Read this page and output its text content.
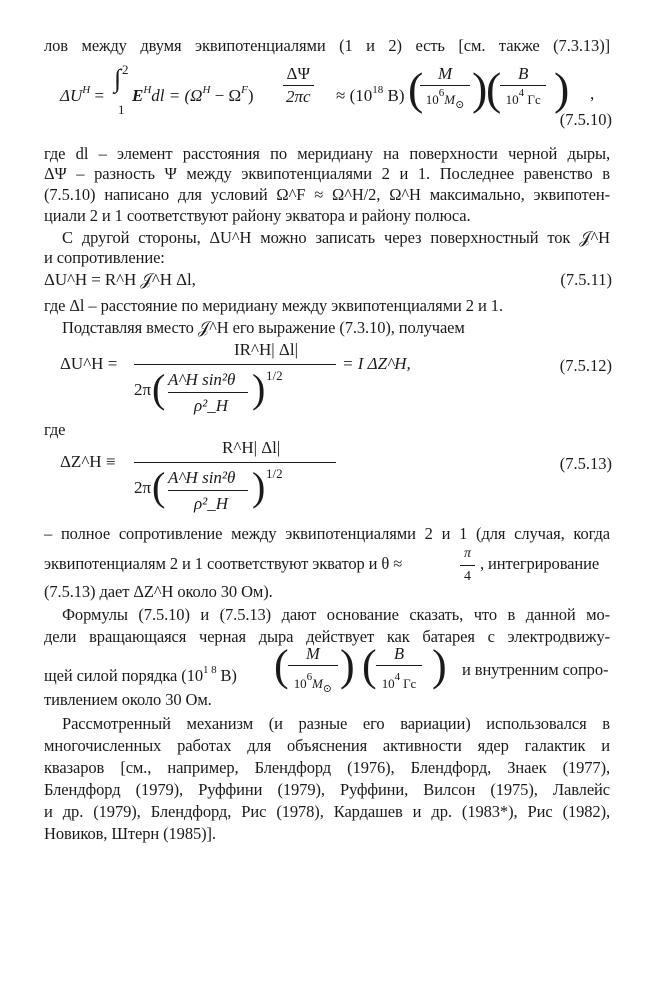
лов между двумя эквипотенциалями (1 и 2) есть [см. также (7.3.13)]
$\Delta U^H$ =
∫ 2
1
$E^Hdl = (\Omega^H - \Omega^F) \frac{\Delta\Psi}{2\pi c} \approx (10^{18}$ В) ( M
$10^6M_⊙$ )
( B
$10^4$ Гс ) ,
(7.5.10)
где dl – элемент расстояния по меридиану на поверхности черной дыры,
ΔΨ – разность Ψ между эквипотенциалями 2 и 1. Последнее равенство в
(7.5.10) написано для условий Ω^F ≈ Ω^H/2, Ω^H максимально, эквипотен-
циали 2 и 1 соответствуют району экватора и району полюса.
С другой стороны, ΔU^H можно записать через поверхностный ток 𝒥^H
и сопротивление:
ΔU^H = R^H 𝒥^H Δl,	(7.5.11)
где Δl – расстояние по меридиану между эквипотенциалями 2 и 1.
Подставляя вместо 𝒥^H его выражение (7.3.10), получаем
ΔU^H =
IR^H| Δl|
2π ( A^H sin²θ
ρ²_H ) 1/2
= I ΔZ^H,	(7.5.12)
где
ΔZ^H ≡
R^H| Δl|
2π ( A^H sin²θ
ρ²_H ) 1/2
(7.5.13)
– полное сопротивление между эквипотенциалями 2 и 1 (для случая, когда
эквипотенциалям 2 и 1 соответствуют экватор и θ ≈	$\frac{\pi}{4}$ , интегрирование
(7.5.13) дает ΔZ^H около 30 Ом).
Формулы (7.5.10) и (7.5.13) дают основание сказать, что в данной мо-
дели вращающаяся черная дыра действует как батарея с электродвижу-
щей силой порядка ($10^{1 8}$ В) (	M
$10^6M_⊙$ ) (	B
$10^4$ Гс ) и внутренним сопро-
тивлением около 30 Ом.
Рассмотренный механизм (и разные его вариации) использовался в
многочисленных работах для объяснения активности ядер галактик и
квазаров [см., например, Блендфорд (1976), Блендфорд, Знаек (1977),
Блендфорд (1979), Руффини (1979), Руффини, Вилсон (1975), Лавлейс
и др. (1979), Блендфорд, Рис (1978), Кардашев и др. (1983*), Рис (1982),
Новиков, Штерн (1985)].
